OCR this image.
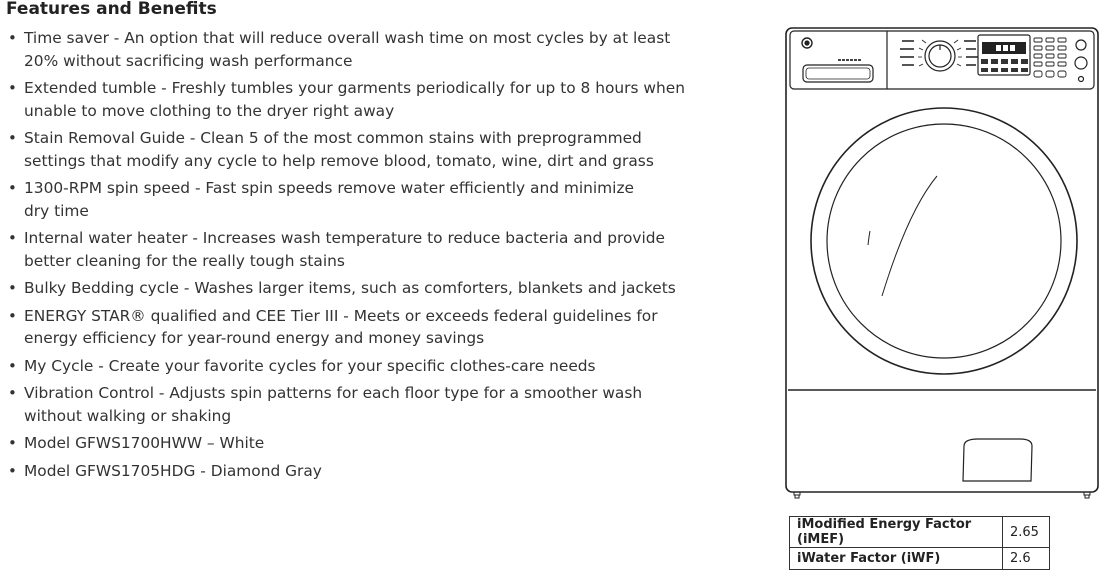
Features and Benefits
• Time saver - An option that will reduce overall wash time on most cycles by at least
20% without sacrificing wash performance
• Extended tumble - Freshly tumbles your garments periodically for up to 8 hours when
unable to move clothing to the dryer right away
• Stain Removal Guide - Clean 5 of the most common stains with preprogrammed
settings that modify any cycle to help remove blood, tomato, wine, dirt and grass
• 1300-RPM spin speed - Fast spin speeds remove water efficiently and minimize
dry time
• Internal water heater - Increases wash temperature to reduce bacteria and provide
better cleaning for the really tough stains
• Bulky Bedding cycle - Washes larger items, such as comforters, blankets and jackets
• ENERGY STAR® qualified and CEE Tier III - Meets or exceeds federal guidelines for
energy efficiency for year-round energy and money savings
• My Cycle - Create your favorite cycles for your specific clothes-care needs
• Vibration Control - Adjusts spin patterns for each floor type for a smoother wash
without walking or shaking
• Model GFWS1700HWW – White
• Model GFWS1705HDG - Diamond Gray
iModified Energy Factor (iMEF)	2.65
iWater Factor (iWF)	2.6
